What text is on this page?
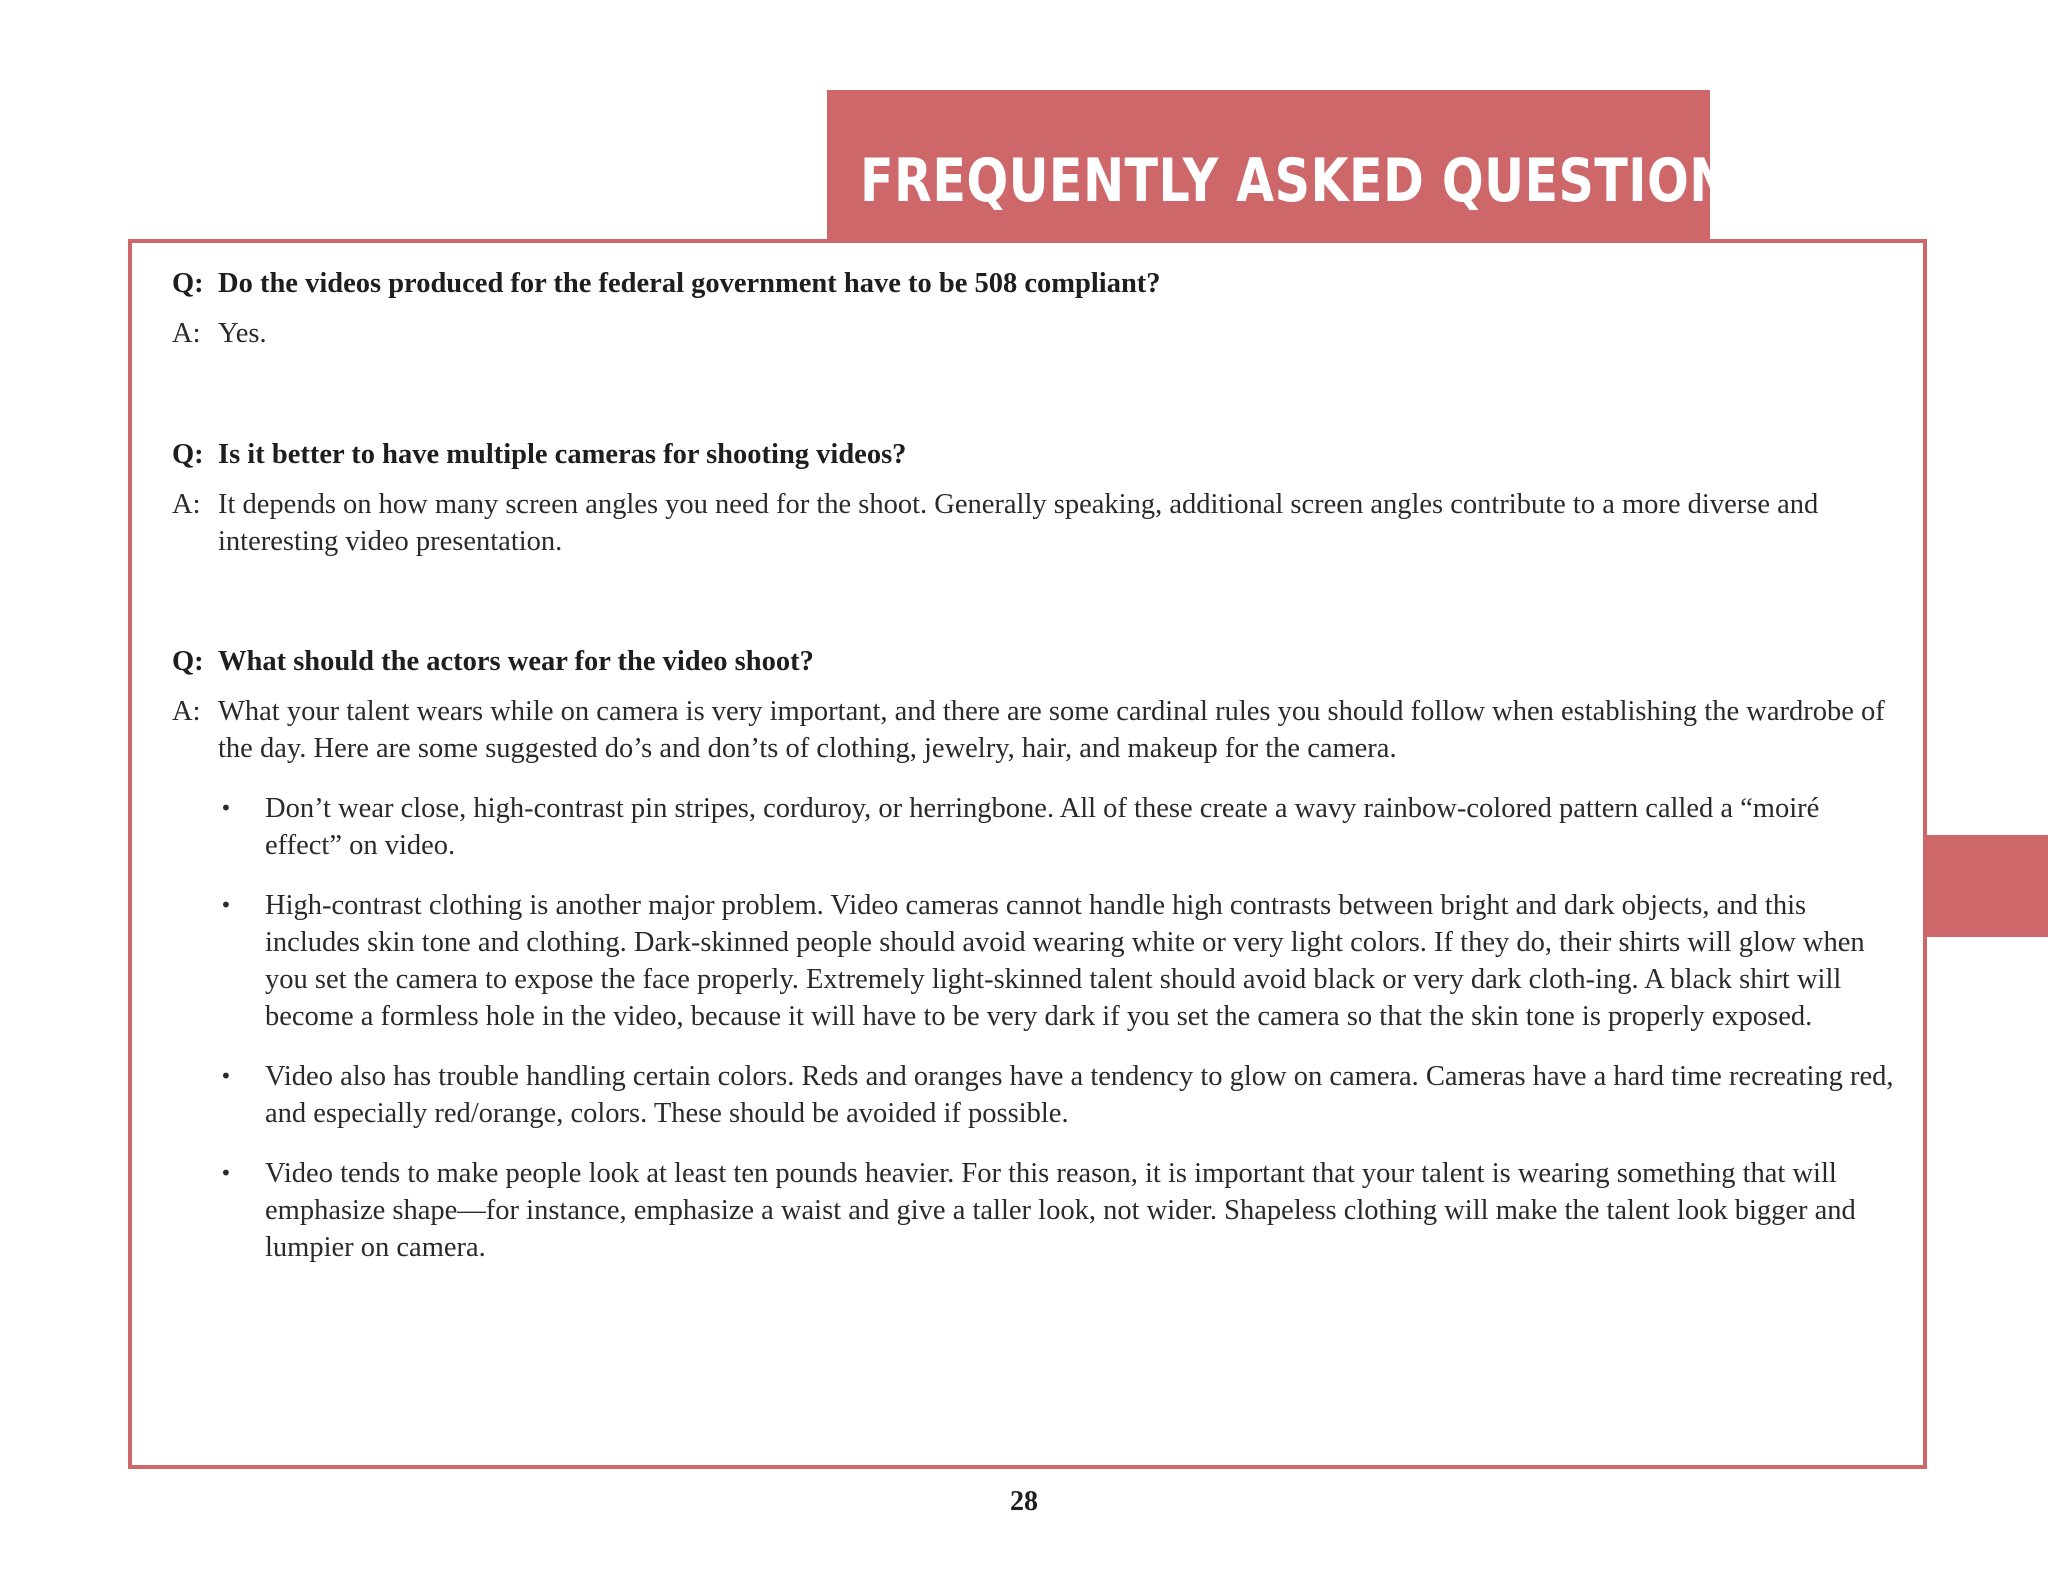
FREQUENTLY ASKED QUESTIONS
Q: Do the videos produced for the federal government have to be 508 compliant?
A: Yes.
Q: Is it better to have multiple cameras for shooting videos?
A: It depends on how many screen angles you need for the shoot. Generally speaking, additional screen angles contribute to a more diverse and interesting video presentation.
Q: What should the actors wear for the video shoot?
A: What your talent wears while on camera is very important, and there are some cardinal rules you should follow when establishing the wardrobe of the day. Here are some suggested do’s and don’ts of clothing, jewelry, hair, and makeup for the camera.
•	Don’t wear close, high-contrast pin stripes, corduroy, or herringbone. All of these create a wavy rainbow-colored pattern called a “moiré effect” on video.
•	High-contrast clothing is another major problem. Video cameras cannot handle high contrasts between bright and dark objects, and this includes skin tone and clothing. Dark-skinned people should avoid wearing white or very light colors. If they do, their shirts will glow when you set the camera to expose the face properly. Extremely light-skinned talent should avoid black or very dark cloth-ing. A black shirt will become a formless hole in the video, because it will have to be very dark if you set the camera so that the skin tone is properly exposed.
•	Video also has trouble handling certain colors. Reds and oranges have a tendency to glow on camera. Cameras have a hard time recreating red, and especially red/orange, colors. These should be avoided if possible.
•	Video tends to make people look at least ten pounds heavier. For this reason, it is important that your talent is wearing something that will emphasize shape—for instance, emphasize a waist and give a taller look, not wider. Shapeless clothing will make the talent look bigger and lumpier on camera.
28
